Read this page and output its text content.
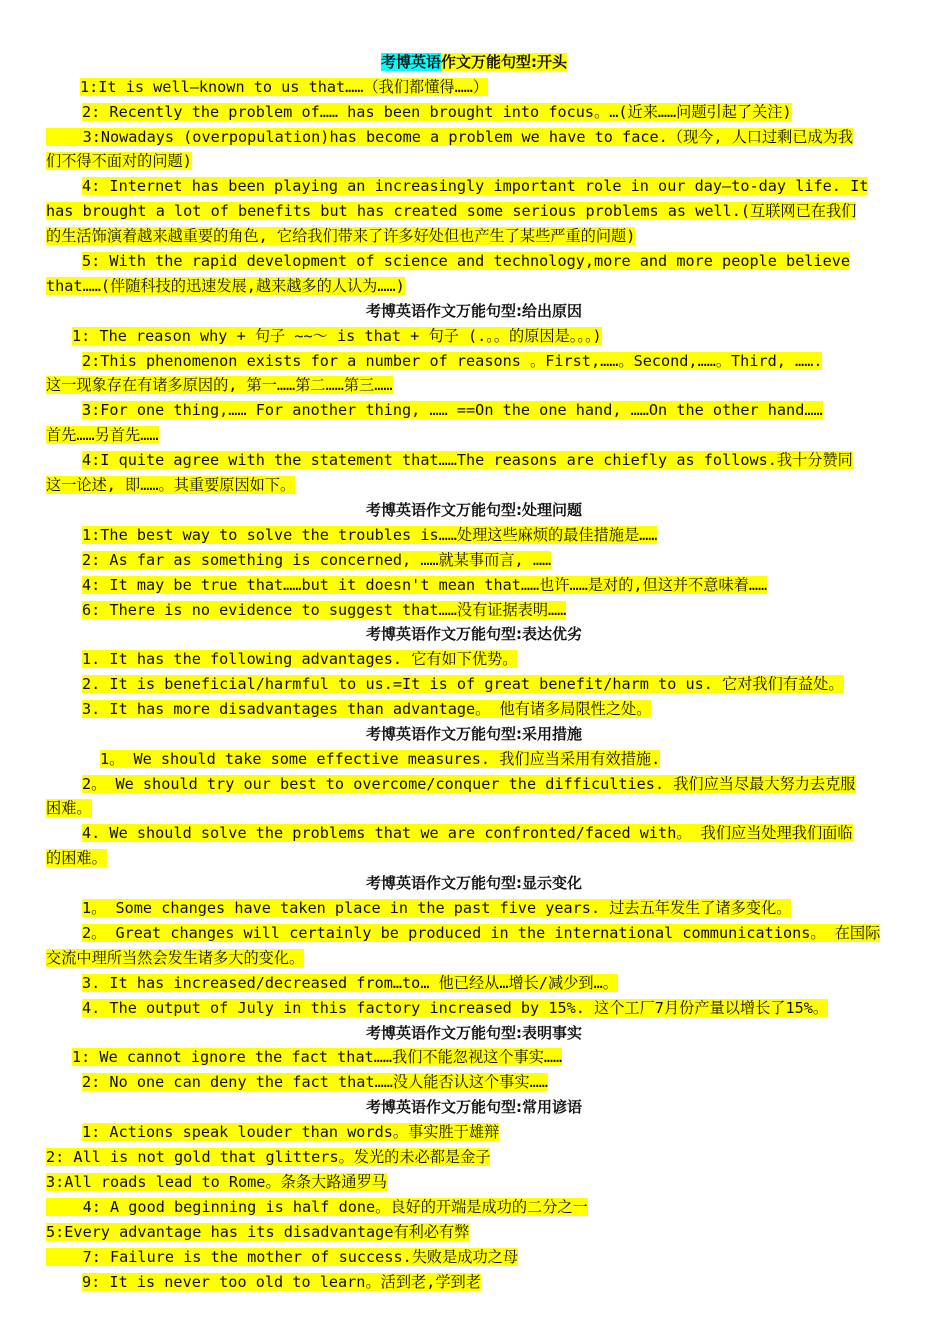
考博英语作文万能句型:开头
1:It is well—known to us that……（我们都懂得……）
2: Recently the problem of…… has been brought into focus。…(近来……问题引起了关注)
3:Nowadays (overpopulation)has become a problem we have to face.（现今, 人口过剩已成为我
们不得不面对的问题)
4: Internet has been playing an increasingly important role in our day—to-day life. It
has brought a lot of benefits but has created some serious problems as well.(互联网已在我们
的生活饰演着越来越重要的角色, 它给我们带来了许多好处但也产生了某些严重的问题)
5: With the rapid development of science and technology,more and more people believe
that……(伴随科技的迅速发展,越来越多的人认为……)
考博英语作文万能句型:给出原因
1: The reason why + 句子 ~~～ is that + 句子 (.。。的原因是。。。)
2:This phenomenon exists for a number of reasons 。First,……。Second,……。Third, …….
这一现象存在有诸多原因的, 第一……第二……第三……
3:For one thing,…… For another thing, …… ==On the one hand, ……On the other hand……
首先……另首先……
4:I quite agree with the statement that……The reasons are chiefly as follows.我十分赞同
这一论述, 即……。其重要原因如下。
考博英语作文万能句型:处理问题
1:The best way to solve the troubles is……处理这些麻烦的最佳措施是……
2: As far as something is concerned, ……就某事而言, ……
4: It may be true that……but it doesn't mean that……也许……是对的,但这并不意味着……
6: There is no evidence to suggest that……没有证据表明……
考博英语作文万能句型:表达优劣
1. It has the following advantages. 它有如下优势。
2. It is beneficial/harmful to us.=It is of great benefit/harm to us. 它对我们有益处。
3. It has more disadvantages than advantage。 他有诸多局限性之处。
考博英语作文万能句型:采用措施
1。 We should take some effective measures. 我们应当采用有效措施.
2。 We should try our best to overcome/conquer the difficulties. 我们应当尽最大努力去克服
困难。
4. We should solve the problems that we are confronted/faced with。 我们应当处理我们面临
的困难。
考博英语作文万能句型:显示变化
1。 Some changes have taken place in the past five years. 过去五年发生了诸多变化。
2。 Great changes will certainly be produced in the international communications。 在国际
交流中理所当然会发生诸多大的变化。
3. It has increased/decreased from…to… 他已经从…增长/减少到…。
4. The output of July in this factory increased by 15%. 这个工厂7月份产量以增长了15%。
考博英语作文万能句型:表明事实
1: We cannot ignore the fact that……我们不能忽视这个事实……
2: No one can deny the fact that……没人能否认这个事实……
考博英语作文万能句型:常用谚语
1: Actions speak louder than words。事实胜于雄辩
2: All is not gold that glitters。发光的未必都是金子
3:All roads lead to Rome。条条大路通罗马
4: A good beginning is half done。良好的开端是成功的二分之一
5:Every advantage has its disadvantage有利必有弊
7: Failure is the mother of success.失败是成功之母
9: It is never too old to learn。活到老,学到老
